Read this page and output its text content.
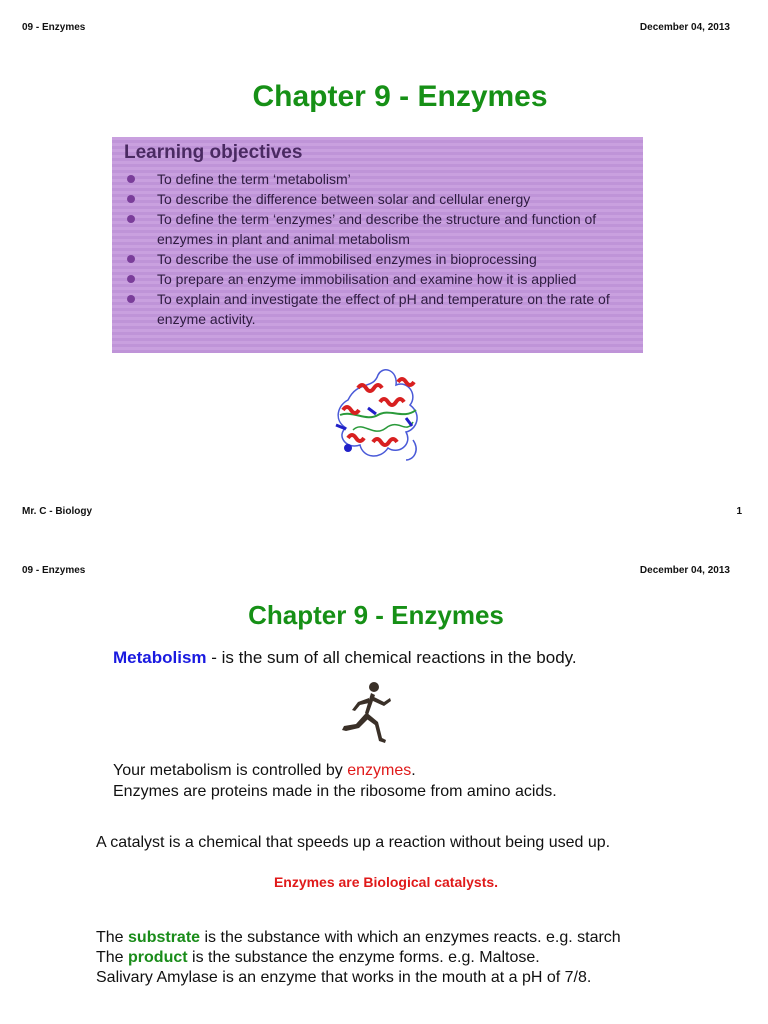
09 - Enzymes	December 04, 2013
Chapter 9 - Enzymes
Learning objectives
To define the term ‘metabolism’
To describe the difference between solar and cellular energy
To define the term ‘enzymes’ and describe the structure and function of enzymes in plant and animal metabolism
To describe the use of immobilised enzymes in bioprocessing
To prepare an enzyme immobilisation and examine how it is applied
To explain and investigate the effect of pH and temperature on the rate of enzyme activity.
Mr. C - Biology	1
09 - Enzymes	December 04, 2013
Chapter 9 - Enzymes
Metabolism - is the sum of all chemical reactions in the body.
Your metabolism is controlled by enzymes.
Enzymes are proteins made in the ribosome from amino acids.
A catalyst is a chemical that speeds up a reaction without being used up.
Enzymes are Biological catalysts.
The substrate is the substance with which an enzymes reacts. e.g. starch
The product is the substance the enzyme forms. e.g. Maltose.
Salivary Amylase is an enzyme that works in the mouth at a pH of 7/8.
